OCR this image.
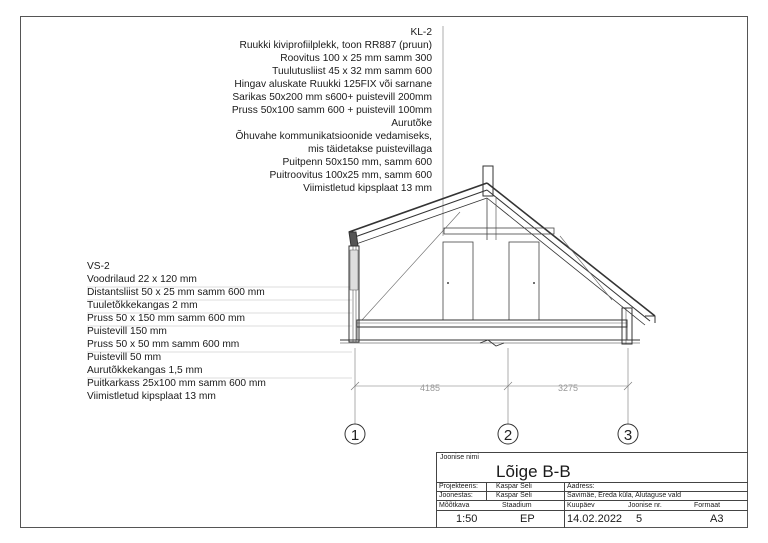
4185	3275
1	2	3
KL-2
Ruukki kiviprofiilplekk, toon RR887 (pruun)
Roovitus 100 x 25 mm samm 300
Tuulutusliist 45 x 32 mm samm 600
Hingav aluskate Ruukki 125FIX või sarnane
Sarikas 50x200 mm s600+ puistevill 200mm
Pruss 50x100 samm 600 + puistevill 100mm
Aurutõke
Õhuvahe kommunikatsioonide vedamiseks,
mis täidetakse puistevillaga
Puitpenn 50x150 mm, samm 600
Puitroovitus 100x25 mm, samm 600
Viimistletud kipsplaat 13 mm
VS-2
Voodrilaud 22 x 120 mm
Distantsliist 50 x 25 mm samm 600 mm
Tuuletõkkekangas 2 mm
Pruss 50 x 150 mm samm 600 mm
Puistevill 150 mm
Pruss 50 x 50 mm samm 600 mm
Puistevill 50 mm
Aurutõkkekangas 1,5 mm
Puitkarkass 25x100 mm samm 600 mm
Viimistletud kipsplaat 13 mm
Joonise nimi
Lõige B-B
Projekteeris:	Kaspar Seli
Joonestas:	Kaspar Seli
Aadress:
Savimäe, Ereda küla, Alutaguse vald
Mõõtkava	Staadium
1:50	EP
Kuupäev	Joonise nr.	Formaat
14.02.2022 5	A3
